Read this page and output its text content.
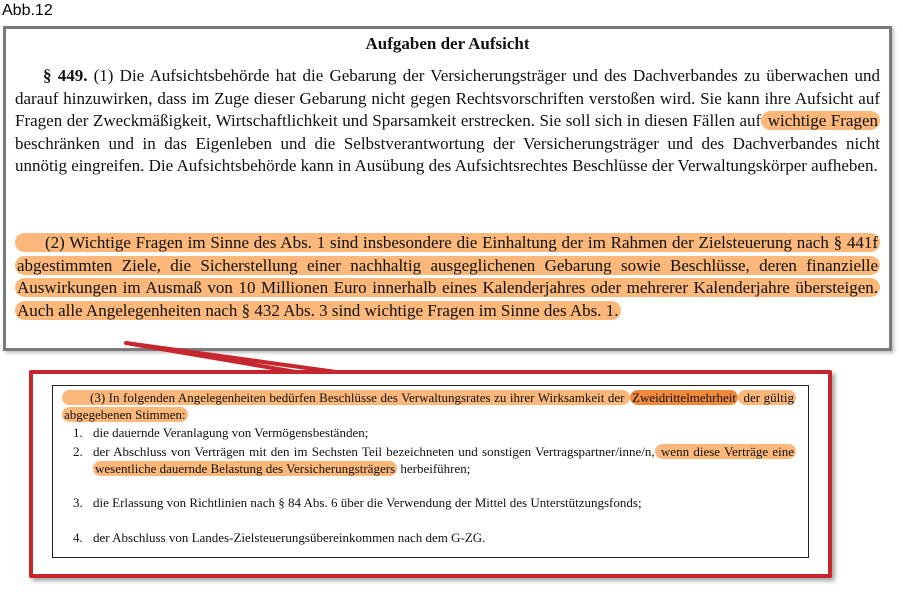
Abb.12
Aufgaben der Aufsicht
§ 449. (1) Die Aufsichtsbehörde hat die Gebarung der Versicherungsträger und des Dachverbandes zu überwachen und darauf hinzuwirken, dass im Zuge dieser Gebarung nicht gegen Rechtsvorschriften verstoßen wird. Sie kann ihre Aufsicht auf Fragen der Zweckmäßigkeit, Wirtschaftlichkeit und Sparsamkeit erstrecken. Sie soll sich in diesen Fällen auf wichtige Fragen beschränken und in das Eigenleben und die Selbstverantwortung der Versicherungsträger und des Dachverbandes nicht unnötig eingreifen. Die Aufsichtsbehörde kann in Ausübung des Aufsichtsrechtes Beschlüsse der Verwaltungskörper aufheben.
(2) Wichtige Fragen im Sinne des Abs. 1 sind insbesondere die Einhaltung der im Rahmen der Zielsteuerung nach § 441f abgestimmten Ziele, die Sicherstellung einer nachhaltig ausgeglichenen Gebarung sowie Beschlüsse, deren finanzielle Auswirkungen im Ausmaß von 10 Millionen Euro innerhalb eines Kalenderjahres oder mehrerer Kalenderjahre übersteigen. Auch alle Angelegenheiten nach § 432 Abs. 3 sind wichtige Fragen im Sinne des Abs. 1.
(3) In folgenden Angelegenheiten bedürfen Beschlüsse des Verwaltungsrates zu ihrer Wirksamkeit der Zweidrittelmehrheit der gültig abgegebenen Stimmen:
1. die dauernde Veranlagung von Vermögensbeständen;
2. der Abschluss von Verträgen mit den im Sechsten Teil bezeichneten und sonstigen Vertragspartner/inne/n, wenn diese Verträge eine wesentliche dauernde Belastung des Versicherungsträgers herbeiführen;
3. die Erlassung von Richtlinien nach § 84 Abs. 6 über die Verwendung der Mittel des Unterstützungsfonds;
4. der Abschluss von Landes-Zielsteuerungsübereinkommen nach dem G-ZG.
